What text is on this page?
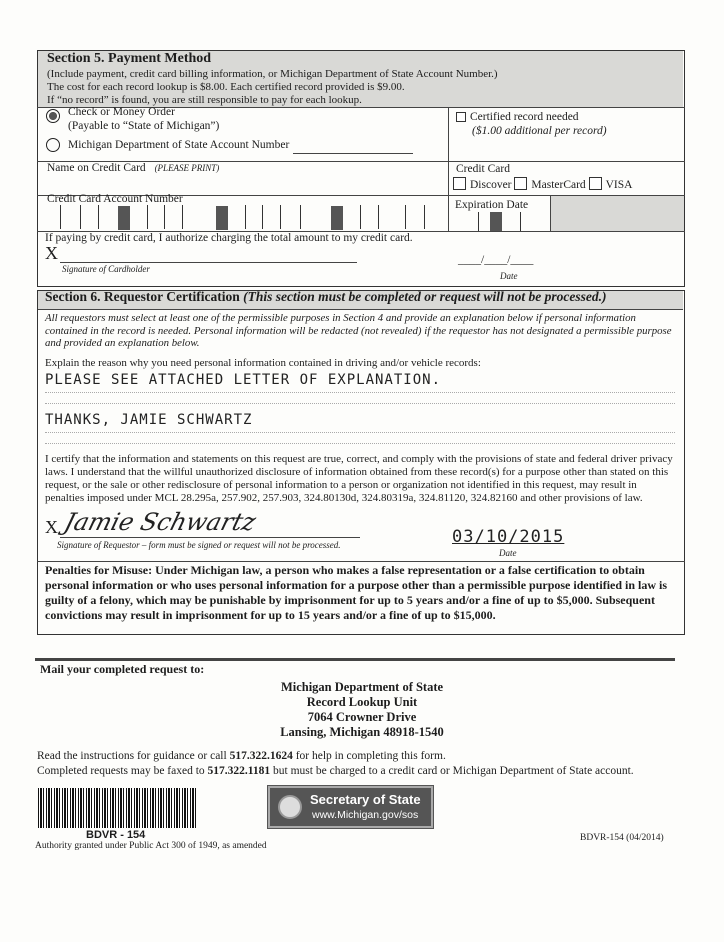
Section 5. Payment Method
(Include payment, credit card billing information, or Michigan Department of State Account Number.)
The cost for each record lookup is $8.00. Each certified record provided is $9.00.
If “no record” is found, you are still responsible to pay for each lookup.
Check or Money Order
(Payable to “State of Michigan”)
Michigan Department of State Account Number
Certified record needed
($1.00 additional per record)
Name on Credit Card (PLEASE PRINT)	Credit Card
Discover MasterCard VISA
Credit Card Account Number	Expiration Date
If paying by credit card, I authorize charging the total amount to my credit card.
X
Signature of Cardholder
____/____/____
Date
Section 6. Requestor Certification (This section must be completed or request will not be processed.)
All requestors must select at least one of the permissible purposes in Section 4 and provide an explanation below if personal information contained in the record is needed. Personal information will be redacted (not revealed) if the requestor has not designated a permissible purpose and provided an explanation below.
Explain the reason why you need personal information contained in driving and/or vehicle records:
PLEASE SEE ATTACHED LETTER OF EXPLANATION.
THANKS, JAMIE SCHWARTZ
I certify that the information and statements on this request are true, correct, and comply with the provisions of state and federal driver privacy laws. I understand that the willful unauthorized disclosure of information obtained from these record(s) for a purpose other than stated on this request, or the sale or other redisclosure of personal information to a person or organization not identified in this request, may result in penalties imposed under MCL 28.295a, 257.902, 257.903, 324.80130d, 324.80319a, 324.81120, 324.82160 and other provisions of law.
X Jamie Schwartz
Signature of Requestor – form must be signed or request will not be processed.	03/10/2015
Date
Penalties for Misuse: Under Michigan law, a person who makes a false representation or a false certification to obtain personal information or who uses personal information for a purpose other than a permissible purpose identified in law is guilty of a felony, which may be punishable by imprisonment for up to 5 years and/or a fine of up to $5,000. Subsequent convictions may result in imprisonment for up to 15 years and/or a fine of up to $15,000.
Mail your completed request to:
Michigan Department of State
Record Lookup Unit
7064 Crowner Drive
Lansing, Michigan 48918-1540
Read the instructions for guidance or call 517.322.1624 for help in completing this form.
Completed requests may be faxed to 517.322.1181 but must be charged to a credit card or Michigan Department of State account.
BDVR - 154
Authority granted under Public Act 300 of 1949, as amended
Secretary of State
www.Michigan.gov/sos
BDVR-154 (04/2014)
